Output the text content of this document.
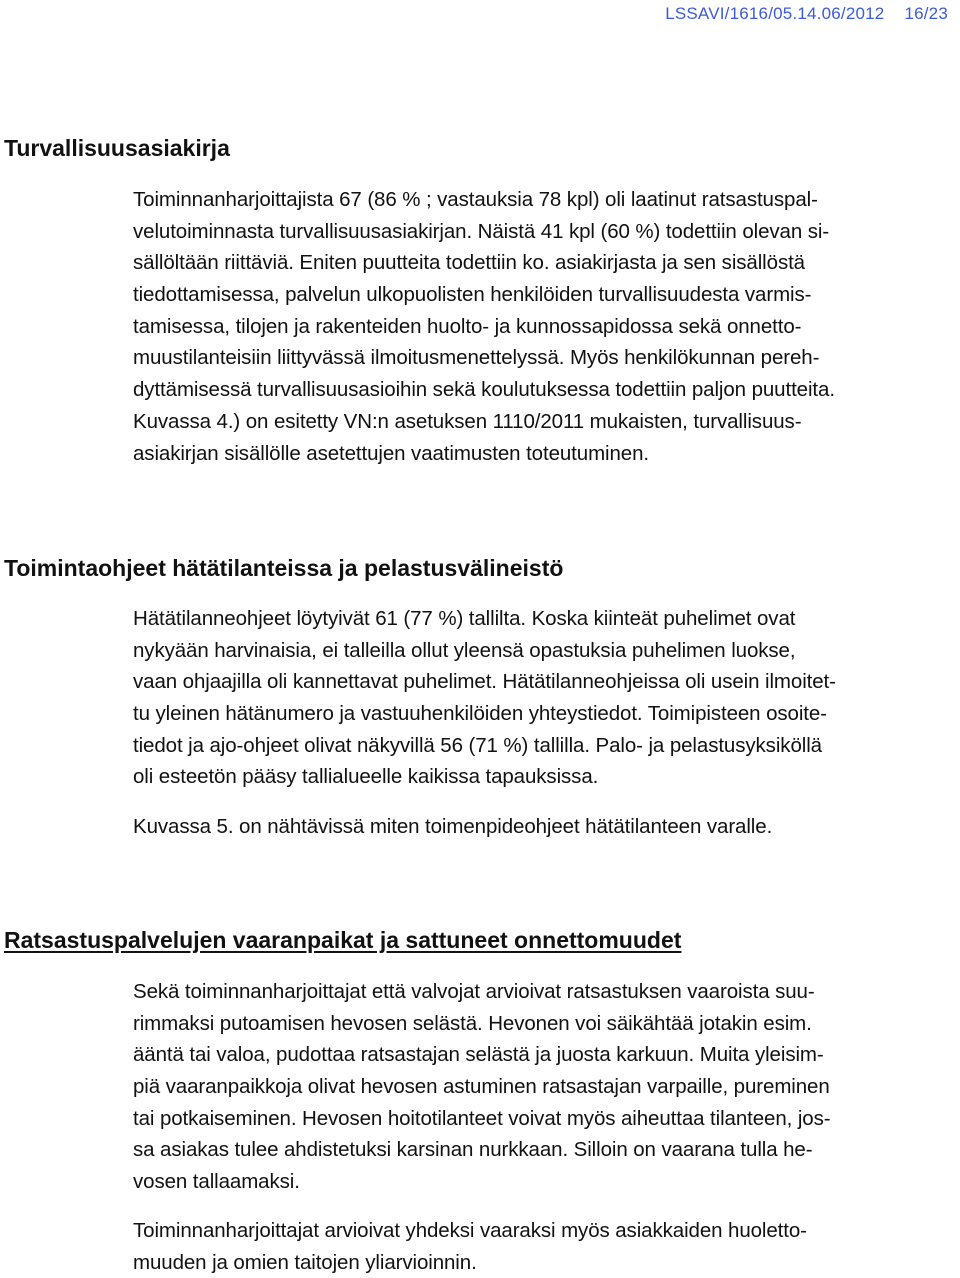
LSSAVI/1616/05.14.06/2012 16/23
Turvallisuusasiakirja
Toiminnanharjoittajista 67 (86 % ; vastauksia 78 kpl) oli laatinut ratsastuspal-
velutoiminnasta turvallisuusasiakirjan. Näistä 41 kpl (60 %) todettiin olevan si-
sällöltään riittäviä. Eniten puutteita todettiin ko. asiakirjasta ja sen sisällöstä
tiedottamisessa, palvelun ulkopuolisten henkilöiden turvallisuudesta varmis-
tamisessa, tilojen ja rakenteiden huolto- ja kunnossapidossa sekä onnetto-
muustilanteisiin liittyvässä ilmoitusmenettelyssä. Myös henkilökunnan pereh-
dyttämisessä turvallisuusasioihin sekä koulutuksessa todettiin paljon puutteita.
Kuvassa 4.) on esitetty VN:n asetuksen 1110/2011 mukaisten, turvallisuus-
asiakirjan sisällölle asetettujen vaatimusten toteutuminen.
Toimintaohjeet hätätilanteissa ja pelastusvälineistö
Hätätilanneohjeet löytyivät 61 (77 %) tallilta. Koska kiinteät puhelimet ovat
nykyään harvinaisia, ei talleilla ollut yleensä opastuksia puhelimen luokse,
vaan ohjaajilla oli kannettavat puhelimet. Hätätilanneohjeissa oli usein ilmoitet-
tu yleinen hätänumero ja vastuuhenkilöiden yhteystiedot. Toimipisteen osoite-
tiedot ja ajo-ohjeet olivat näkyvillä 56 (71 %) tallilla. Palo- ja pelastusyksiköllä
oli esteetön pääsy tallialueelle kaikissa tapauksissa.
Kuvassa 5. on nähtävissä miten toimenpideohjeet hätätilanteen varalle.
Ratsastuspalvelujen vaaranpaikat ja sattuneet onnettomuudet
Sekä toiminnanharjoittajat että valvojat arvioivat ratsastuksen vaaroista suu-
rimmaksi putoamisen hevosen selästä. Hevonen voi säikähtää jotakin esim.
ääntä tai valoa, pudottaa ratsastajan selästä ja juosta karkuun. Muita yleisim-
piä vaaranpaikkoja olivat hevosen astuminen ratsastajan varpaille, pureminen
tai potkaiseminen. Hevosen hoitotilanteet voivat myös aiheuttaa tilanteen, jos-
sa asiakas tulee ahdistetuksi karsinan nurkkaan. Silloin on vaarana tulla he-
vosen tallaamaksi.
Toiminnanharjoittajat arvioivat yhdeksi vaaraksi myös asiakkaiden huoletto-
muuden ja omien taitojen yliarvioinnin.
